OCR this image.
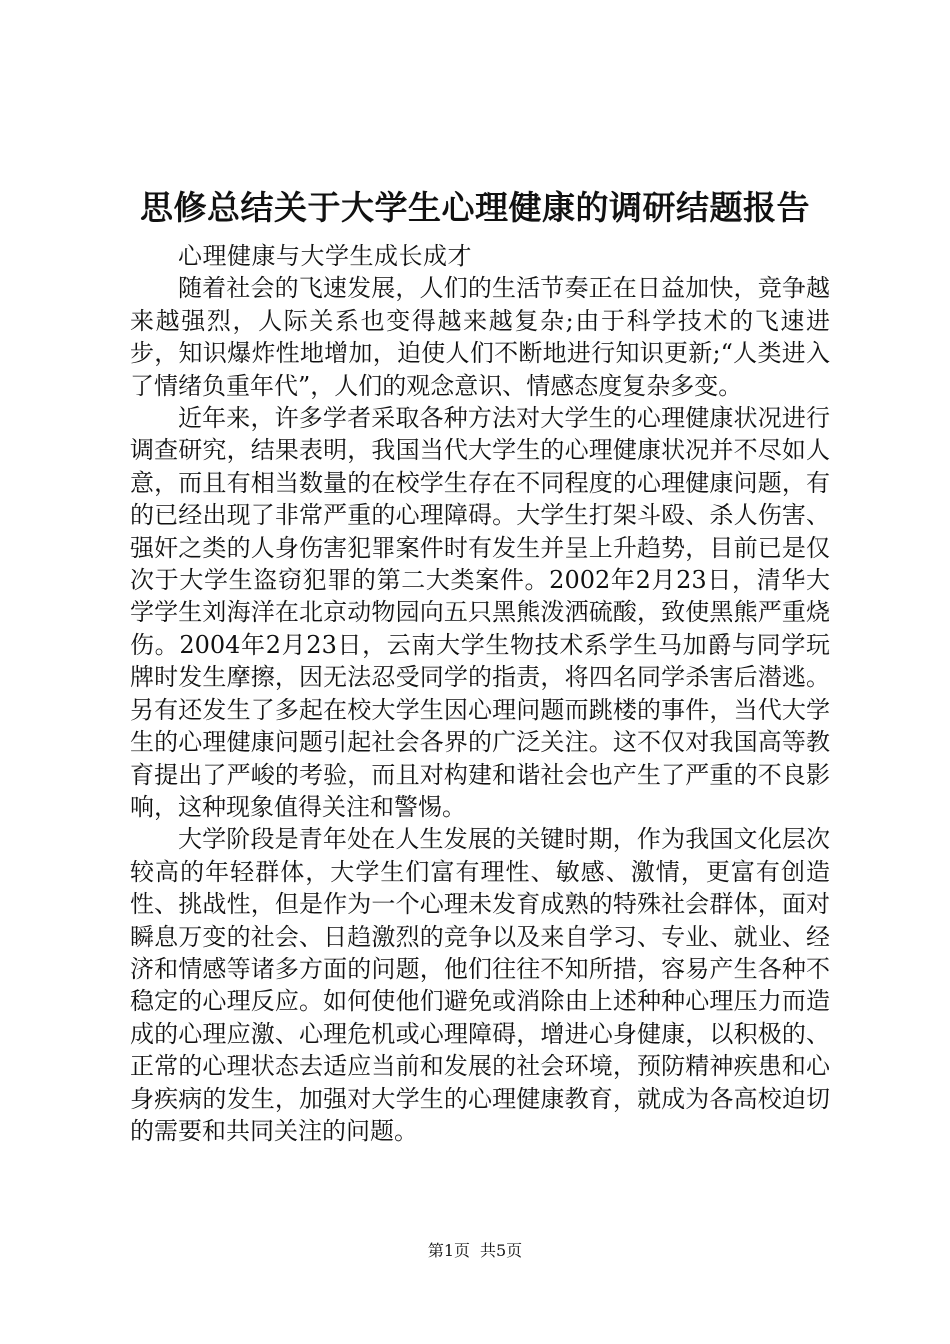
思修总结关于大学生心理健康的调研结题报告

心理健康与大学生成长成才

随着社会的飞速发展，人们的生活节奏正在日益加快，竞争越来越强烈，人际关系也变得越来越复杂;由于科学技术的飞速进步，知识爆炸性地增加，迫使人们不断地进行知识更新;“人类进入了情绪负重年代”，人们的观念意识、情感态度复杂多变。

近年来，许多学者采取各种方法对大学生的心理健康状况进行调查研究，结果表明，我国当代大学生的心理健康状况并不尽如人意，而且有相当数量的在校学生存在不同程度的心理健康问题，有的已经出现了非常严重的心理障碍。大学生打架斗殴、杀人伤害、强奸之类的人身伤害犯罪案件时有发生并呈上升趋势，目前已是仅次于大学生盗窃犯罪的第二大类案件。2002年2月23日，清华大学学生刘海洋在北京动物园向五只黑熊泼洒硫酸，致使黑熊严重烧伤。2004年2月23日，云南大学生物技术系学生马加爵与同学玩牌时发生摩擦，因无法忍受同学的指责，将四名同学杀害后潜逃。另有还发生了多起在校大学生因心理问题而跳楼的事件，当代大学生的心理健康问题引起社会各界的广泛关注。这不仅对我国高等教育提出了严峻的考验，而且对构建和谐社会也产生了严重的不良影响，这种现象值得关注和警惕。

大学阶段是青年处在人生发展的关键时期，作为我国文化层次较高的年轻群体，大学生们富有理性、敏感、激情，更富有创造性、挑战性，但是作为一个心理未发育成熟的特殊社会群体，面对瞬息万变的社会、日趋激烈的竞争以及来自学习、专业、就业、经济和情感等诸多方面的问题，他们往往不知所措，容易产生各种不稳定的心理反应。如何使他们避免或消除由上述种种心理压力而造成的心理应激、心理危机或心理障碍，增进心身健康，以积极的、正常的心理状态去适应当前和发展的社会环境，预防精神疾患和心身疾病的发生，加强对大学生的心理健康教育，就成为各高校迫切的需要和共同关注的问题。

第1页 共5页
